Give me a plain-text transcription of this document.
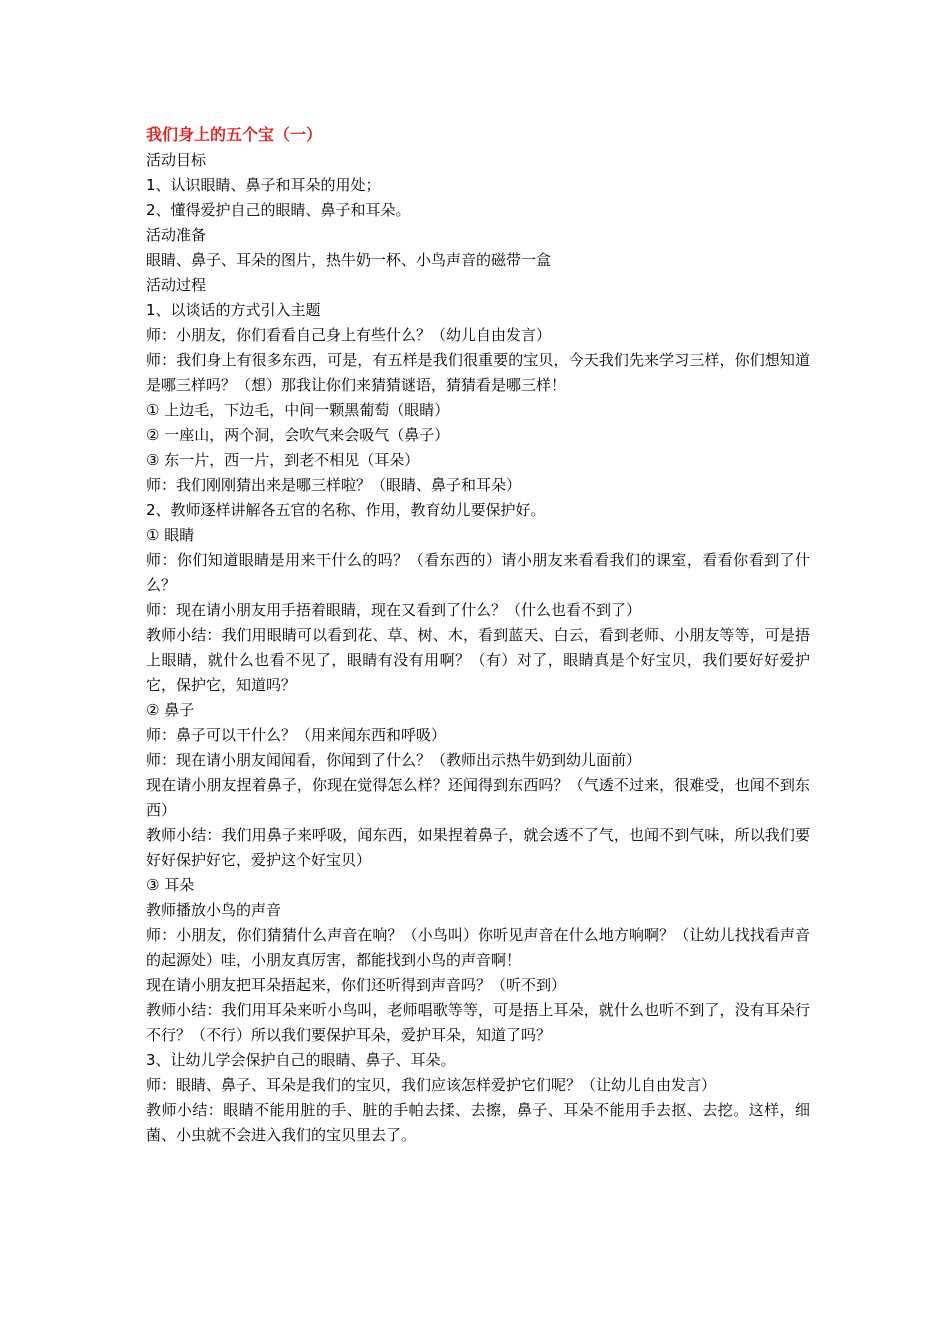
我们身上的五个宝（一）
活动目标
1、认识眼睛、鼻子和耳朵的用处；
2、懂得爱护自己的眼睛、鼻子和耳朵。
活动准备
眼睛、鼻子、耳朵的图片，热牛奶一杯、小鸟声音的磁带一盒
活动过程
1、以谈话的方式引入主题
师：小朋友，你们看看自己身上有些什么？（幼儿自由发言）
师：我们身上有很多东西，可是，有五样是我们很重要的宝贝，今天我们先来学习三样，你们想知道是哪三样吗？（想）那我让你们来猜猜谜语，猜猜看是哪三样！
① 上边毛，下边毛，中间一颗黑葡萄（眼睛）
② 一座山，两个洞，会吹气来会吸气（鼻子）
③ 东一片，西一片，到老不相见（耳朵）
师：我们刚刚猜出来是哪三样啦？（眼睛、鼻子和耳朵）
2、教师逐样讲解各五官的名称、作用，教育幼儿要保护好。
① 眼睛
师：你们知道眼睛是用来干什么的吗？（看东西的）请小朋友来看看我们的课室，看看你看到了什么？
师：现在请小朋友用手捂着眼睛，现在又看到了什么？（什么也看不到了）
教师小结：我们用眼睛可以看到花、草、树、木，看到蓝天、白云，看到老师、小朋友等等，可是捂上眼睛，就什么也看不见了，眼睛有没有用啊？（有）对了，眼睛真是个好宝贝，我们要好好爱护它，保护它，知道吗？
② 鼻子
师：鼻子可以干什么？（用来闻东西和呼吸）
师：现在请小朋友闻闻看，你闻到了什么？（教师出示热牛奶到幼儿面前）
现在请小朋友捏着鼻子，你现在觉得怎么样？还闻得到东西吗？（气透不过来，很难受，也闻不到东西）
教师小结：我们用鼻子来呼吸，闻东西，如果捏着鼻子，就会透不了气，也闻不到气味，所以我们要好好保护好它，爱护这个好宝贝）
③ 耳朵
教师播放小鸟的声音
师：小朋友，你们猜猜什么声音在响？（小鸟叫）你听见声音在什么地方响啊？（让幼儿找找看声音的起源处）哇，小朋友真厉害，都能找到小鸟的声音啊！
现在请小朋友把耳朵捂起来，你们还听得到声音吗？（听不到）
教师小结：我们用耳朵来听小鸟叫，老师唱歌等等，可是捂上耳朵，就什么也听不到了，没有耳朵行不行？（不行）所以我们要保护耳朵，爱护耳朵，知道了吗？
3、让幼儿学会保护自己的眼睛、鼻子、耳朵。
师：眼睛、鼻子、耳朵是我们的宝贝，我们应该怎样爱护它们呢？（让幼儿自由发言）
教师小结：眼睛不能用脏的手、脏的手帕去揉、去擦，鼻子、耳朵不能用手去抠、去挖。这样，细菌、小虫就不会进入我们的宝贝里去了。
